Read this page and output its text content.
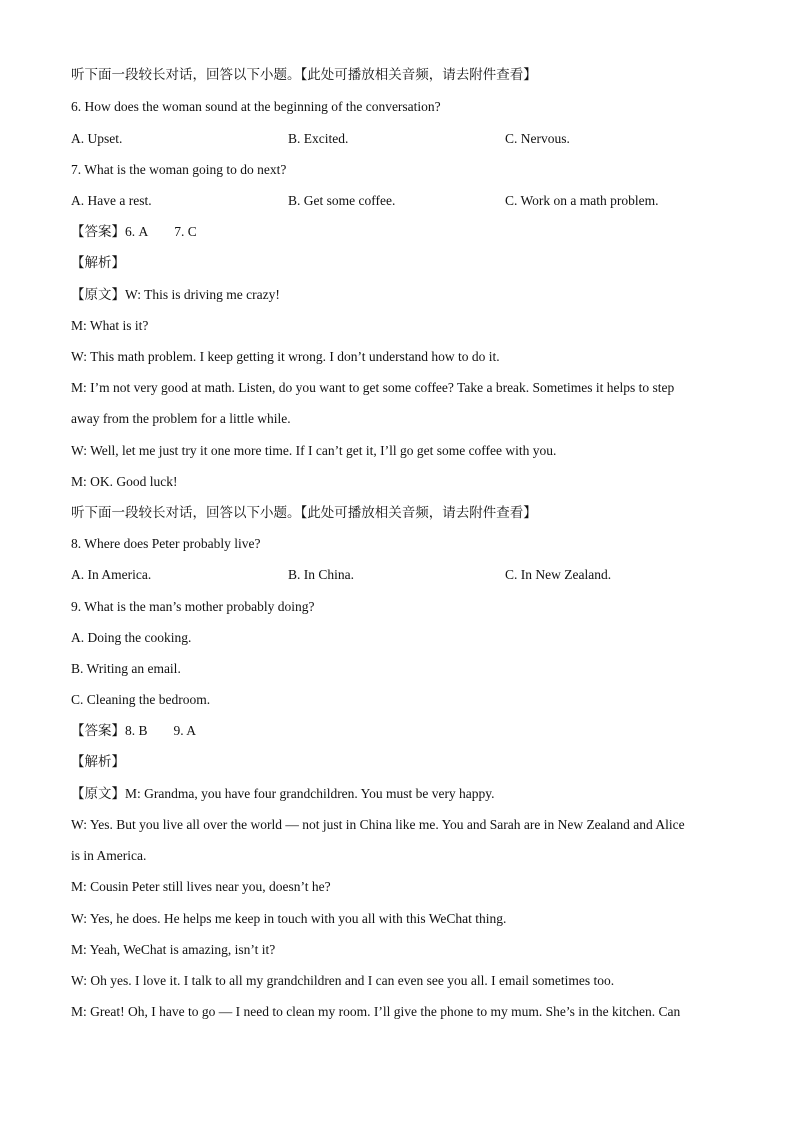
听下面一段较长对话，回答以下小题。【此处可播放相关音频，请去附件查看】
6. How does the woman sound at the beginning of the conversation?
A. Upset.	B. Excited.	C. Nervous.
7. What is the woman going to do next?
A. Have a rest.	B. Get some coffee.	C. Work on a math problem.
【答案】6. A 7. C
【解析】
【原文】W: This is driving me crazy!
M: What is it?
W: This math problem. I keep getting it wrong. I don’t understand how to do it.
M: I’m not very good at math. Listen, do you want to get some coffee? Take a break. Sometimes it helps to step
away from the problem for a little while.
W: Well, let me just try it one more time. If I can’t get it, I’ll go get some coffee with you.
M: OK. Good luck!
听下面一段较长对话，回答以下小题。【此处可播放相关音频，请去附件查看】
8. Where does Peter probably live?
A. In America.	B. In China.	C. In New Zealand.
9. What is the man’s mother probably doing?
A. Doing the cooking.
B. Writing an email.
C. Cleaning the bedroom.
【答案】8. B 9. A
【解析】
【原文】M: Grandma, you have four grandchildren. You must be very happy.
W: Yes. But you live all over the world — not just in China like me. You and Sarah are in New Zealand and Alice
is in America.
M: Cousin Peter still lives near you, doesn’t he?
W: Yes, he does. He helps me keep in touch with you all with this WeChat thing.
M: Yeah, WeChat is amazing, isn’t it?
W: Oh yes. I love it. I talk to all my grandchildren and I can even see you all. I email sometimes too.
M: Great! Oh, I have to go — I need to clean my room. I’ll give the phone to my mum. She’s in the kitchen. Can
